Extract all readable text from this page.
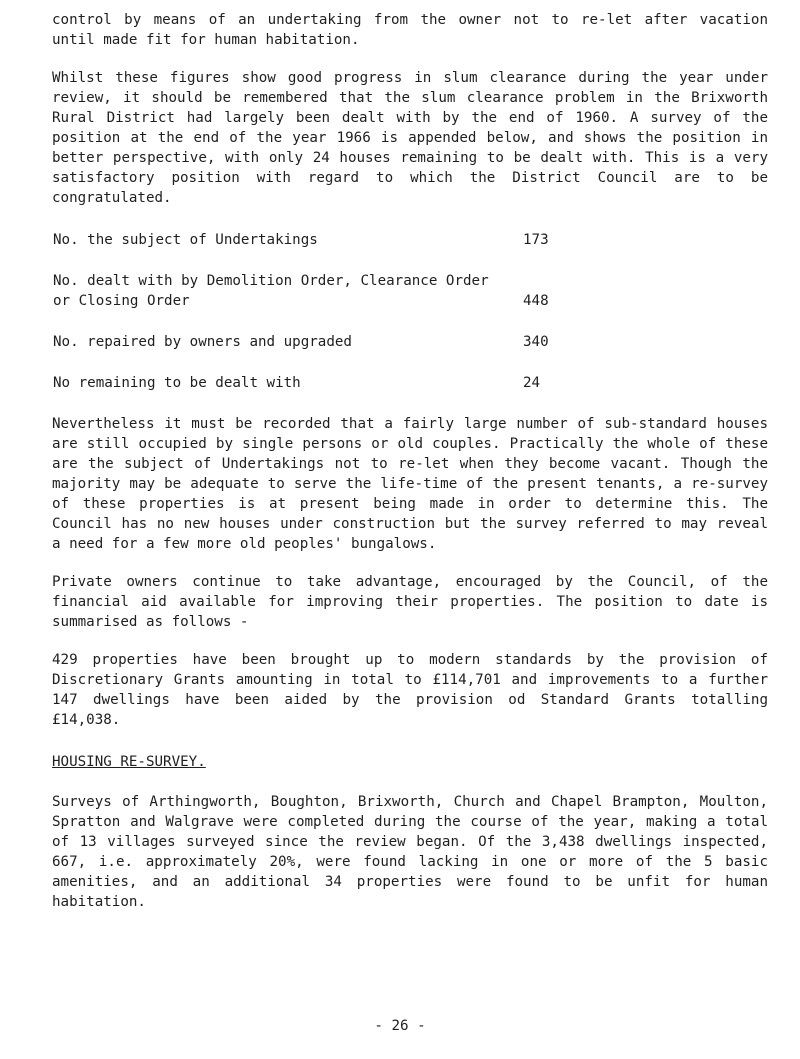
control by means of an undertaking from the owner not to re-let after vacation until made fit for human habitation.

Whilst these figures show good progress in slum clearance during the year under review, it should be remembered that the slum clearance problem in the Brixworth Rural District had largely been dealt with by the end of 1960. A survey of the position at the end of the year 1966 is appended below, and shows the position in better perspective, with only 24 houses remaining to be dealt with. This is a very satisfactory position with regard to which the District Council are to be congratulated.

No. the subject of Undertakings	173
No. dealt with by Demolition Order, Clearance Order or Closing Order	448
No. repaired by owners and upgraded	340
No remaining to be dealt with	24

Nevertheless it must be recorded that a fairly large number of sub-standard houses are still occupied by single persons or old couples. Practically the whole of these are the subject of Undertakings not to re-let when they become vacant. Though the majority may be adequate to serve the life-time of the present tenants, a re-survey of these properties is at present being made in order to determine this. The Council has no new houses under construction but the survey referred to may reveal a need for a few more old peoples' bungalows.

Private owners continue to take advantage, encouraged by the Council, of the financial aid available for improving their properties. The position to date is summarised as follows -

429 properties have been brought up to modern standards by the provision of Discretionary Grants amounting in total to £114,701 and improvements to a further 147 dwellings have been aided by the provision od Standard Grants totalling £14,038.

HOUSING RE-SURVEY.

Surveys of Arthingworth, Boughton, Brixworth, Church and Chapel Brampton, Moulton, Spratton and Walgrave were completed during the course of the year, making a total of 13 villages surveyed since the review began. Of the 3,438 dwellings inspected, 667, i.e. approximately 20%, were found lacking in one or more of the 5 basic amenities, and an additional 34 properties were found to be unfit for human habitation.

- 26 -
